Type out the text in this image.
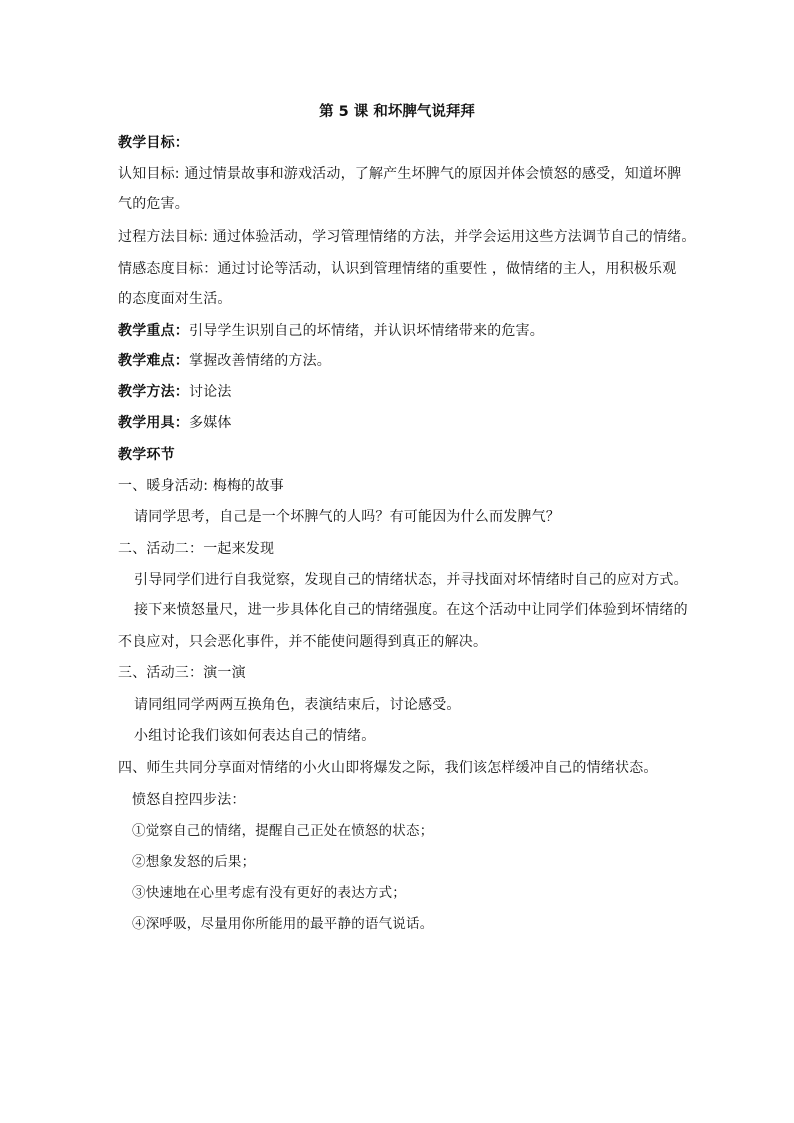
第 5 课 和坏脾气说拜拜
教学目标：
认知目标: 通过情景故事和游戏活动，了解产生坏脾气的原因并体会愤怒的感受，知道坏脾
气的危害。
过程方法目标: 通过体验活动，学习管理情绪的方法，并学会运用这些方法调节自己的情绪。
情感态度目标：通过讨论等活动，认识到管理情绪的重要性 ，做情绪的主人，用积极乐观
的态度面对生活。
教学重点：引导学生识别自己的坏情绪，并认识坏情绪带来的危害。
教学难点：掌握改善情绪的方法。
教学方法：讨论法
教学用具：多媒体
教学环节
一、暖身活动: 梅梅的故事
请同学思考，自己是一个坏脾气的人吗？有可能因为什么而发脾气？
二、活动二：一起来发现
引导同学们进行自我觉察，发现自己的情绪状态，并寻找面对坏情绪时自己的应对方式。
接下来愤怒量尺，进一步具体化自己的情绪强度。在这个活动中让同学们体验到坏情绪的
不良应对，只会恶化事件，并不能使问题得到真正的解决。
三、活动三：演一演
请同组同学两两互换角色，表演结束后，讨论感受。
小组讨论我们该如何表达自己的情绪。
四、师生共同分享面对情绪的小火山即将爆发之际，我们该怎样缓冲自己的情绪状态。
愤怒自控四步法：
①觉察自己的情绪，提醒自己正处在愤怒的状态；
②想象发怒的后果；
③快速地在心里考虑有没有更好的表达方式；
④深呼吸，尽量用你所能用的最平静的语气说话。
